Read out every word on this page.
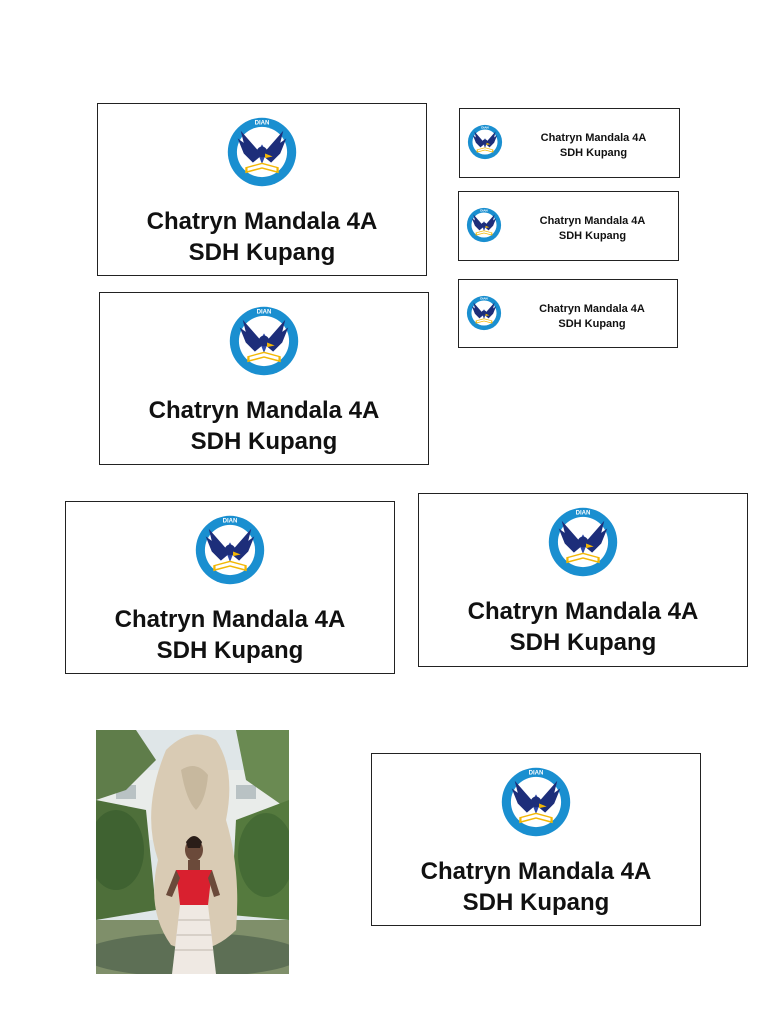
Chatryn Mandala 4A
SDH Kupang
Chatryn Mandala 4A
SDH Kupang
Chatryn Mandala 4A
SDH Kupang
Chatryn Mandala 4A
SDH Kupang
Chatryn Mandala 4A
SDH Kupang
Chatryn Mandala 4A
SDH Kupang
Chatryn Mandala 4A
SDH Kupang
Chatryn Mandala 4A
SDH Kupang
